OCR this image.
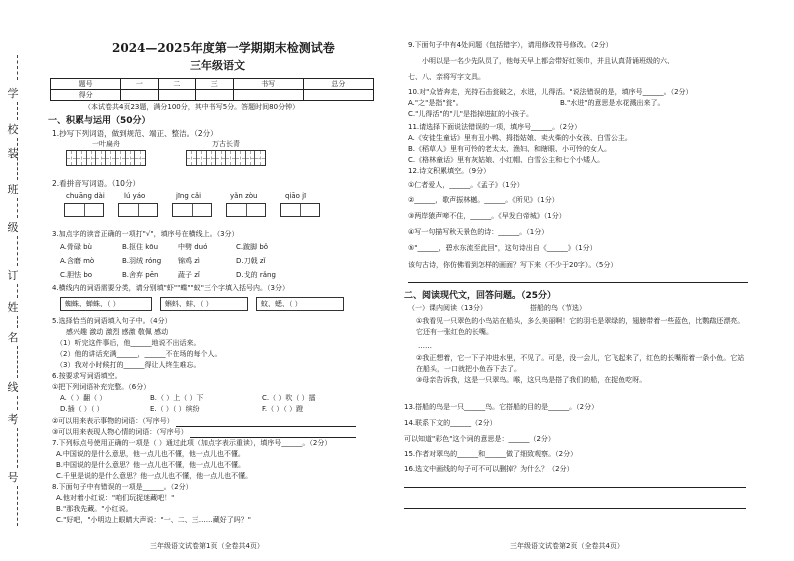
学
校
班
级
装
订
姓
名
线
考
号
2024—2025年度第一学期期末检测试卷
三年级语文
题号	一	二	三	书写	总分
得分					
（本试卷共4页23题，满分100分，其中书写5分。答题时间80分钟）
一、积累与运用（50分）
1.抄写下列词语，做到规范、端正、整洁。（2分）
一叶扁舟	万古长青
2.看拼音写词语。（10分）
chuāng dài	lú yáo	jīng cǎi	yǎn zòu	qiāo jī
3.加点字的读音正确的一项打"√"，填序号在横线上。（3分）
A.骨碌 bù	B.抠住 kōu	中劈 duó	C.跛脚 bǒ
A.含磨 mò	B.羽绒 róng 锦鸡 zì	D.刀戟 zǐ
C.胆怯 bo	B.舍弃 pēn	蔬子 zǐ	D.戈的 rǎng
4.横线内的词语需要分类，请分别填"虾""蝶""蚁"三个字填入括号内。（3分）
蜘蛛、蝉蛛、（ ）	蝌蚪、蚌、（ ）	蚊、蟋、（ ）
5.选择恰当的词语填入句子中。（4分）
感兴趣 激动 激烈 感激 敬佩 感动
（1）听完这件事后，他______地说不出话来。
（2）他的讲话充满______，______不在场的每个人。
（3）我对小时候打的______得让人终生难忘。
6.按要求写词语填空。
①把下列词语补充完整。（6分）
A.（ ）翻（ ）	B.（ ）上（ ）下	C.（ ）吹（ ）擂
D.插（ ）（ ）	E.（ ）（ ）缤纷	F.（ ）（ ）蹬
②可以用来表示事物的词语：（写序号）
③可以用来表现人物心情的词语：（写序号）
7.下列标点号使用正确的一项是（ ）通过此项（加点字表示重读），填序号______。（2分）
A.中国说的是什么意思，他一点儿也不懂，他一点儿也不懂。
B.中国说的是什么意思？他一点儿也不懂，他一点儿也不懂。
C.千里是说的是什么意思？他一点儿也不懂，他一点儿也不懂。
8.下面句子中有错误的一项是______。（2分）
A.他对着小红说："咱们玩捉迷藏吧！"
B."那我先藏。"小红说。
C."好吧，"小明边上眼睛大声说："一、二、三……藏好了吗？"
三年级语文试卷第1页（全卷共4页）
9.下面句子中有4处问题（包括错字），请用修改符号修改。（2分）
小明以是一名少先队员了，他每天早上都会带好红领巾，并且认真背诵班级的六、
七、八、亲将写字文具。
10.对"众皆奔走，光持石击瓮破之，水迸，儿得活。"说法错误的是，填序号______。（2分）
A."之"是指"瓮"。	B."水迸"的意思是水花溅出来了。
C."儿得活"的"儿"是指掉进缸的小孩子。
11.请选择下面说法错误的一项，填序号______。（2分）
A.《安徒生童话》里有丑小鸭、拇指姑娘、卖火柴的小女孩、白雪公主。
B.《稻草人》里有可怜的老太太、渔妇、和瞎眼、小可怜的女人。
C.《格林童话》里有灰姑娘、小红帽、白雪公主和七个小矮人。
12.诗文积累填空。（9分）
①仁者爱人，______。《孟子》（1分）
②______，歌声振林樾。______。《所见》（1分）
③两岸猿声啼不住，______。《早发白帝城》（1分）
④写一句描写秋天景色的诗：______。（1分）
⑤"______，碧水东流至此回"，这句诗出自《______》（1分）
该句古诗，你仿佛看到怎样的画面？写下来（不少于20字）。（5分）
二、阅读现代文，回答问题。（25分）
（一）课内阅读（13分）	搭船的鸟（节选）
①我看见一只翠色的小鸟站在船头，多么美丽啊！它的羽毛是翠绿的，翅膀带着一些蓝色，比鹦鹉还漂亮。它还有一张红色的长嘴。
……
②我正想着，它一下子冲进水里，不见了。可是，没一会儿，它飞起来了，红色的长嘴衔着一条小鱼。它站在船头，一口就把小鱼吞下去了。
③母亲告诉我，这是一只翠鸟。喉，这只鸟是搭了我们的船，在捉鱼吃呀。
13.搭船的鸟是一只______鸟。它搭船的目的是______。（2分）
14.联系下文的______（2分）
可以知道"彩色"这个词的意思是：______（2分）
15.作者对翠鸟的______和______做了细致观察。（2分）
16.选文中画线的句子可不可以删掉？为什么？（2分）
三年级语文试卷第2页（全卷共4页）
